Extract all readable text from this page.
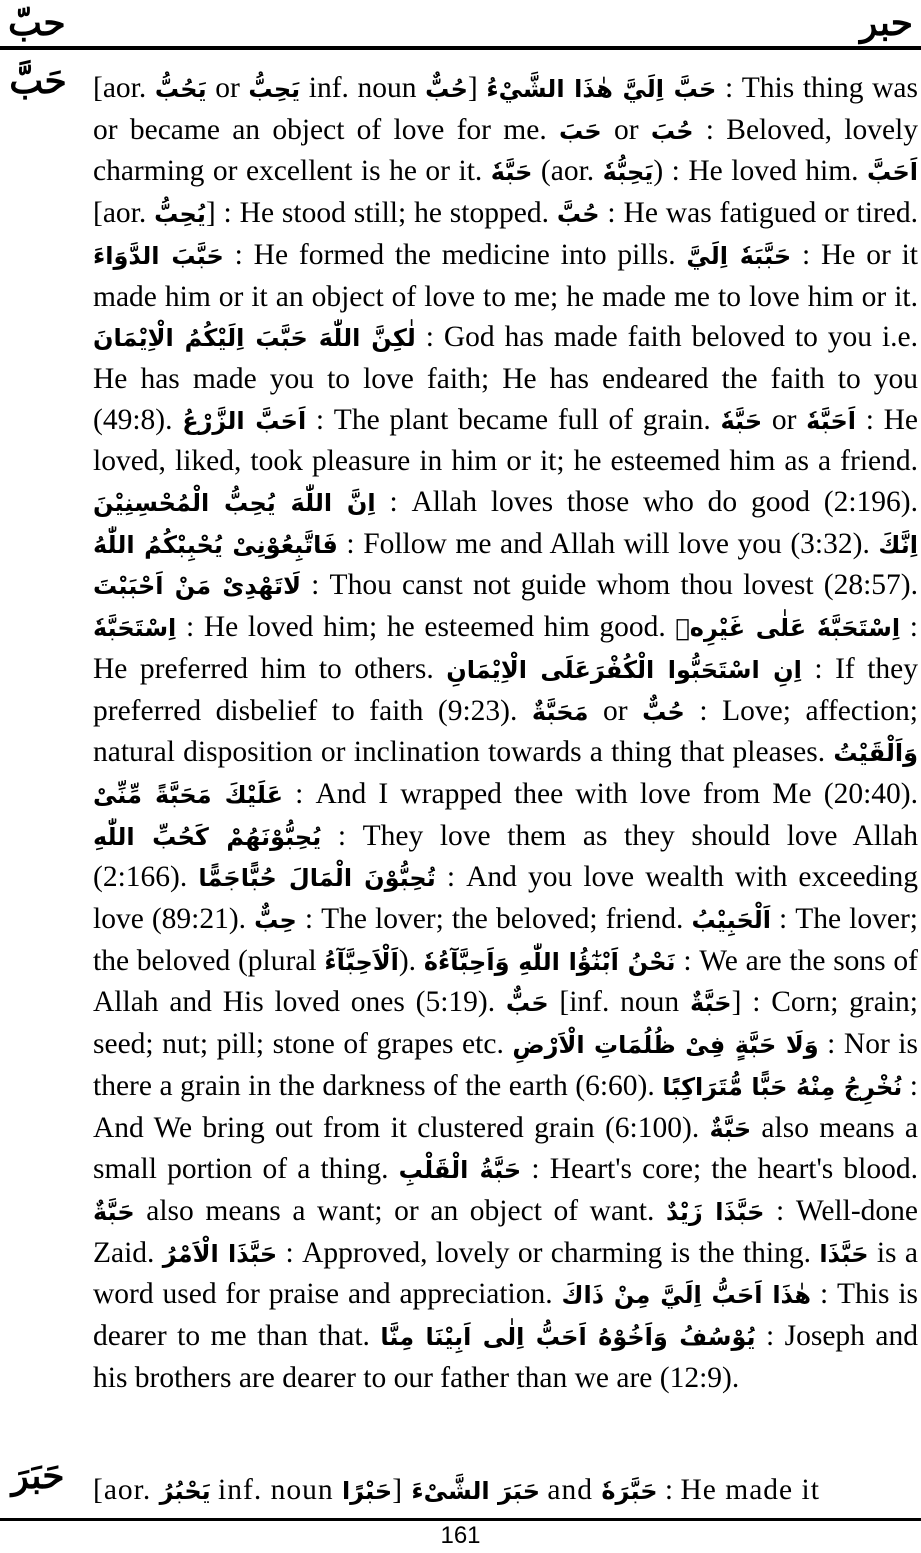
حبّ	حبر
حَبَّ [aor. يَحُبُّ or يَحِبُّ inf. noun حُبٌّ] حَبَّ اِلَيَّ هٰذَا الشَّيْءُ : This thing was or became an object of love for me. حَبَ or حُبَ : Beloved, lovely charming or excellent is he or it. حَبَّهٗ (aor. يَحِبُّهٗ) : He loved him. اَحَبَّ [aor. يُحِبُّ] : He stood still; he stopped. حُبَّ : He was fatigued or tired. حَبَّبَ الدَّوَاءَ : He formed the medicine into pills. حَبَّبَهٗ اِلَيَّ : He or it made him or it an object of love to me; he made me to love him or it. لٰكِنَّ اللّٰهَ حَبَّبَ اِلَيْكُمُ الْاِيْمَانَ : God has made faith beloved to you i.e. He has made you to love faith; He has endeared the faith to you (49:8). اَحَبَّ الزَّرْعُ : The plant became full of grain. حَبَّهٗ or اَحَبَّهٗ : He loved, liked, took pleasure in him or it; he esteemed him as a friend. اِنَّ اللّٰهَ يُحِبُّ الْمُحْسِنِيْنَ : Allah loves those who do good (2:196). فَاتَّبِعُوْنِىْ يُحْبِبْكُمُ اللّٰهُ : Follow me and Allah will love you (3:32). اِنَّكَ لَاتَهْدِىْ مَنْ اَحْبَبْتَ : Thou canst not guide whom thou lovest (28:57). اِسْتَحَبَّهٗ : He loved him; he esteemed him good. اِسْتَحَبَّهٗ عَلٰى غَيْرِهٖ : He preferred him to others. اِنِ اسْتَحَبُّوا الْكُفْرَعَلَى الْاِيْمَانِ : If they preferred disbelief to faith (9:23). مَحَبَّةٌ or حُبٌّ : Love; affection; natural disposition or inclination towards a thing that pleases. وَاَلْقَيْتُ عَلَيْكَ مَحَبَّةً مِّنِّىْ : And I wrapped thee with love from Me (20:40). يُحِبُّوْنَهُمْ كَحُبِّ اللّٰهِ : They love them as they should love Allah (2:166). تُحِبُّوْنَ الْمَالَ حُبًّاجَمًّا : And you love wealth with exceeding love (89:21). حِبٌّ : The lover; the beloved; friend. اَلْحَبِيْبُ : The lover; the beloved (plural اَلْاَحِبَّآءُ). نَحْنُ اَبْنٰٓؤُا اللّٰهِ وَاَحِبَّآءُهٗ : We are the sons of Allah and His loved ones (5:19). حَبٌّ [inf. noun حَبَّةٌ] : Corn; grain; seed; nut; pill; stone of grapes etc. وَلَا حَبَّةٍ فِىْ ظُلُمَاتِ الْاَرْضِ : Nor is there a grain in the darkness of the earth (6:60). نُخْرِجُ مِنْهُ حَبًّا مُّتَرَاكِبًا : And We bring out from it clustered grain (6:100). حَبَّةٌ also means a small portion of a thing. حَبَّةُ الْقَلْبِ : Heart's core; the heart's blood. حَبَّةٌ also means a want; or an object of want. حَبَّذَا زَيْدٌ : Well-done Zaid. حَبَّذَا الْاَمْرُ : Approved, lovely or charming is the thing. حَبَّذَا is a word used for praise and appreciation. هٰذَا اَحَبُّ اِلَيَّ مِنْ ذَاكَ : This is dearer to me than that. يُوْسُفُ وَاَخُوْهُ اَحَبُّ اِلٰى اَبِيْنَا مِنَّا : Joseph and his brothers are dearer to our father than we are (12:9).
حَبَرَ [aor. يَحْبُرُ inf. noun حَبْرًا] حَبَرَ الشَّىْءَ and حَبَّرَهٗ : He made it
161
